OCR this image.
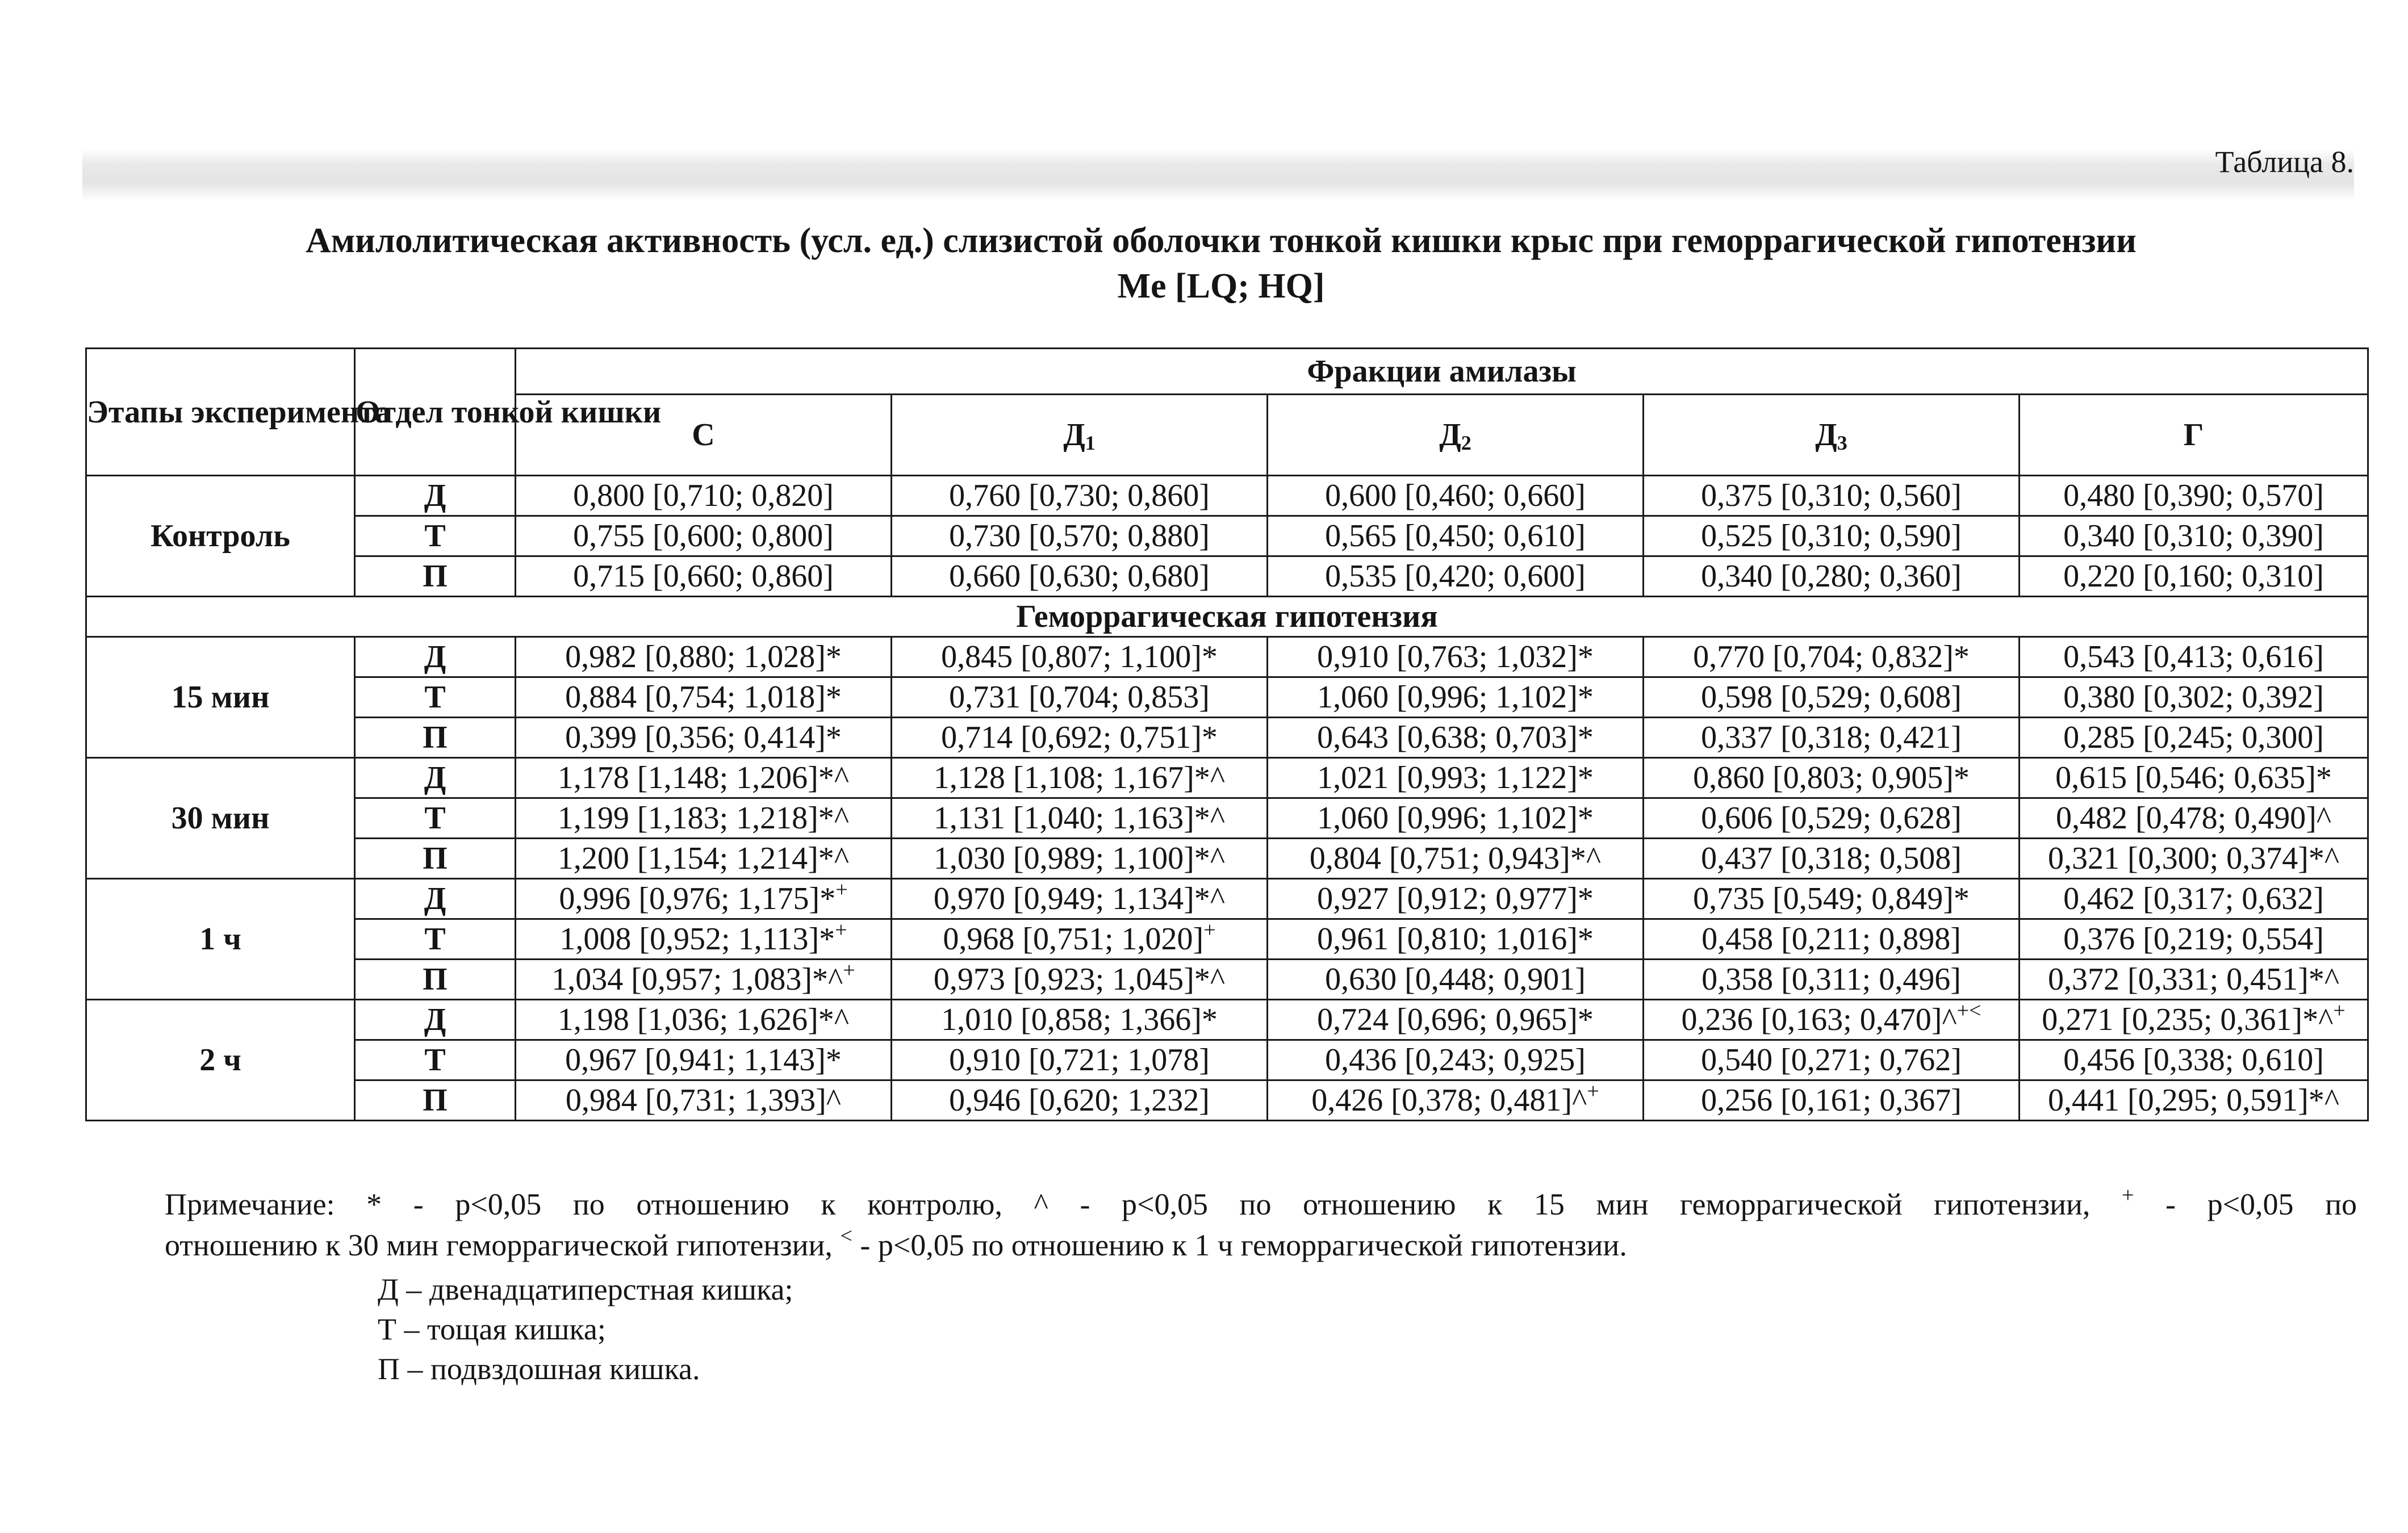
Таблица 8.
Амилолитическая активность (усл. ед.) слизистой оболочки тонкой кишки крыс при геморрагической гипотензии
Me [LQ; HQ]
Этапы эксперимента	Отдел тонкой кишки	Фракции амилазы				
		С	$Д_1$	$Д_2$	$Д_3$	Г
Контроль	Д	0,800 [0,710; 0,820]	0,760 [0,730; 0,860]	0,600 [0,460; 0,660]	0,375 [0,310; 0,560]	0,480 [0,390; 0,570]
	Т	0,755 [0,600; 0,800]	0,730 [0,570; 0,880]	0,565 [0,450; 0,610]	0,525 [0,310; 0,590]	0,340 [0,310; 0,390]
	П	0,715 [0,660; 0,860]	0,660 [0,630; 0,680]	0,535 [0,420; 0,600]	0,340 [0,280; 0,360]	0,220 [0,160; 0,310]
Геморрагическая гипотензия						
15 мин	Д	0,982 [0,880; 1,028]*	0,845 [0,807; 1,100]*	0,910 [0,763; 1,032]*	0,770 [0,704; 0,832]*	0,543 [0,413; 0,616]
	Т	0,884 [0,754; 1,018]*	0,731 [0,704; 0,853]	1,060 [0,996; 1,102]*	0,598 [0,529; 0,608]	0,380 [0,302; 0,392]
	П	0,399 [0,356; 0,414]*	0,714 [0,692; 0,751]*	0,643 [0,638; 0,703]*	0,337 [0,318; 0,421]	0,285 [0,245; 0,300]
30 мин	Д	1,178 [1,148; 1,206]*^	1,128 [1,108; 1,167]*^	1,021 [0,993; 1,122]*	0,860 [0,803; 0,905]*	0,615 [0,546; 0,635]*
	Т	1,199 [1,183; 1,218]*^	1,131 [1,040; 1,163]*^	1,060 [0,996; 1,102]*	0,606 [0,529; 0,628]	0,482 [0,478; 0,490]^
	П	1,200 [1,154; 1,214]*^	1,030 [0,989; 1,100]*^	0,804 [0,751; 0,943]*^	0,437 [0,318; 0,508]	0,321 [0,300; 0,374]*^
1 ч	Д	0,996 [0,976; 1,175]*+	0,970 [0,949; 1,134]*^	0,927 [0,912; 0,977]*	0,735 [0,549; 0,849]*	0,462 [0,317; 0,632]
	Т	1,008 [0,952; 1,113]*+	0,968 [0,751; 1,020]+	0,961 [0,810; 1,016]*	0,458 [0,211; 0,898]	0,376 [0,219; 0,554]
	П	1,034 [0,957; 1,083]*^+	0,973 [0,923; 1,045]*^	0,630 [0,448; 0,901]	0,358 [0,311; 0,496]	0,372 [0,331; 0,451]*^
2 ч	Д	1,198 [1,036; 1,626]*^	1,010 [0,858; 1,366]*	0,724 [0,696; 0,965]*	0,236 [0,163; 0,470]^+<	0,271 [0,235; 0,361]*^+
	Т	0,967 [0,941; 1,143]*	0,910 [0,721; 1,078]	0,436 [0,243; 0,925]	0,540 [0,271; 0,762]	0,456 [0,338; 0,610]
	П	0,984 [0,731; 1,393]^	0,946 [0,620; 1,232]	0,426 [0,378; 0,481]^+	0,256 [0,161; 0,367]	0,441 [0,295; 0,591]*^
Примечание: * - p<0,05 по отношению к контролю, ^ - p<0,05 по отношению к 15 мин геморрагической гипотензии, + - p<0,05 по
отношению к 30 мин геморрагической гипотензии, < - p<0,05 по отношению к 1 ч геморрагической гипотензии.
Д – двенадцатиперстная кишка;
Т – тощая кишка;
П – подвздошная кишка.
